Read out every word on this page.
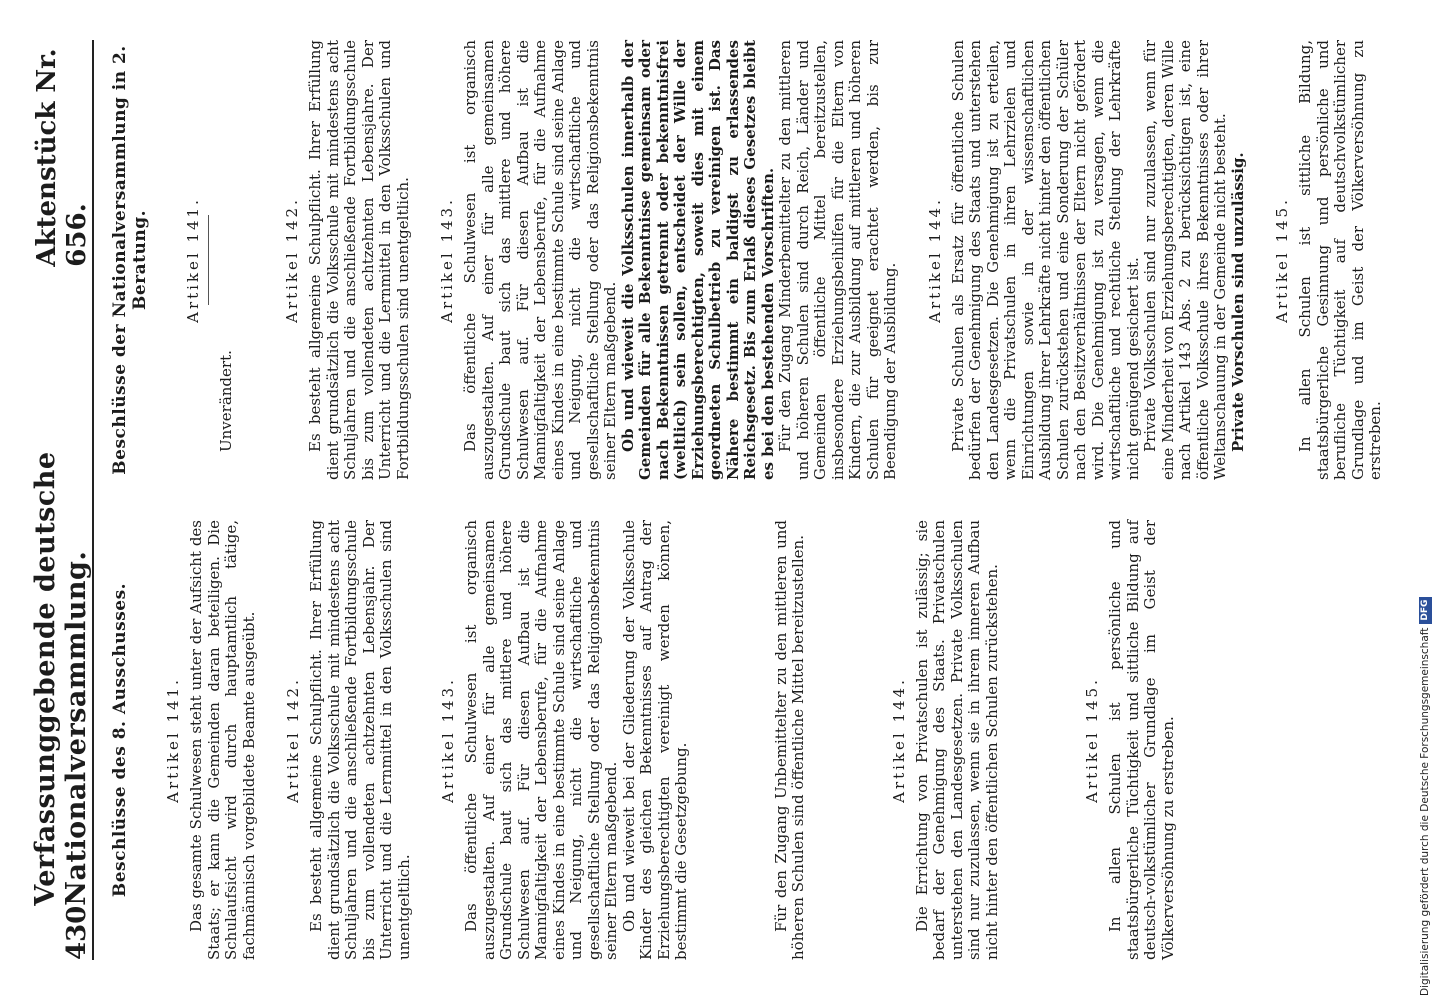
430
Verfassunggebende deutsche Nationalversammlung.
Aktenstück Nr. 656.
Beschlüsse des 8. Ausschusses. Artikel 141. Das gesamte Schulwesen steht unter der Aufsicht des Staats; er kann die Gemeinden daran beteiligen. Die Schulaufsicht wird durch hauptamtlich tätige, fachmännisch vorgebildete Beamte ausgeübt. Artikel 142. Es besteht allgemeine Schulpflicht. Ihrer Erfüllung dient grundsätzlich die Volksschule mit mindestens acht Schuljahren und die anschließende Fortbildungsschule bis zum vollendeten achtzehnten Lebensjahr. Der Unterricht und die Lernmittel in den Volksschulen sind unentgeltlich.

Artikel 143. Das öffentliche Schulwesen ist organisch auszugestalten. Auf einer für alle gemeinsamen Grundschule baut sich das mittlere und höhere Schulwesen auf. Für diesen Aufbau ist die Mannigfaltigkeit der Lebensberufe, für die Aufnahme eines Kindes in eine bestimmte Schule sind seine Anlage und Neigung, nicht die wirtschaftliche und gesellschaftliche Stellung oder das Religionsbekenntnis seiner Eltern maßgebend. Ob und wieweit bei der Gliederung der Volksschule Kinder des gleichen Bekenntnisses auf Antrag der Erziehungsberechtigten vereinigt werden können, bestimmt die Gesetzgebung.	Für den Zugang Unbemittelter zu den mittleren und höheren Schulen sind öffentliche Mittel bereitzustellen.	Artikel 144. Die Errichtung von Privatschulen ist zulässig; sie bedarf der Genehmigung des Staats. Privatschulen unterstehen den Landesgesetzen. Private Volksschulen sind nur zuzulassen, wenn sie in ihrem inneren Aufbau nicht hinter den öffentlichen Schulen zurückstehen.	Artikel 145. In allen Schulen ist persönliche und staatsbürgerliche Tüchtigkeit und sittliche Bildung auf deutsch-volkstümlicher Grundlage im Geist der Völkerversöhnung zu erstreben.

Beschlüsse der Nationalversammlung in 2. Beratung. Artikel 141.

Unverändert.

Artikel 142. Es besteht allgemeine Schulpflicht. Ihrer Erfüllung dient grundsätzlich die Volksschule mit mindestens acht Schuljahren und die anschließende Fortbildungsschule bis zum vollendeten achtzehnten Lebensjahre. Der Unterricht und die Lernmittel in den Volksschulen und Fortbildungsschulen sind unentgeltlich. Artikel 143. Das öffentliche Schulwesen ist organisch auszugestalten. Auf einer für alle gemeinsamen Grundschule baut sich das mittlere und höhere Schulwesen auf. Für diesen Aufbau ist die Mannigfaltigkeit der Lebensberufe, für die Aufnahme eines Kindes in eine bestimmte Schule sind seine Anlage und Neigung, nicht die wirtschaftliche und gesellschaftliche Stellung oder das Religionsbekenntnis seiner Eltern maßgebend. Ob und wieweit die Volksschulen innerhalb der Gemeinden für alle Bekenntnisse gemeinsam oder nach Bekenntnissen getrennt oder bekenntnisfrei (weltlich) sein sollen, entscheidet der Wille der Erziehungsberechtigten, soweit dies mit einem geordneten Schulbetrieb zu vereinigen ist. Das Nähere bestimmt ein baldigst zu erlassendes Reichsgesetz. Bis zum Erlaß dieses Gesetzes bleibt es bei den bestehenden Vorschriften. Für den Zugang Minderbemittelter zu den mittleren und höheren Schulen sind durch Reich, Länder und Gemeinden öffentliche Mittel bereitzustellen, insbesondere Erziehungsbeihilfen für die Eltern von Kindern, die zur Ausbildung auf mittleren und höheren Schulen für geeignet erachtet werden, bis zur Beendigung der Ausbildung.

Artikel 144. Private Schulen als Ersatz für öffentliche Schulen bedürfen der Genehmigung des Staats und unterstehen den Landesgesetzen. Die Genehmigung ist zu erteilen, wenn die Privatschulen in ihren Lehrzielen und Einrichtungen sowie in der wissenschaftlichen Ausbildung ihrer Lehrkräfte nicht hinter den öffentlichen Schulen zurückstehen und eine Sonderung der Schüler nach den Besitzverhältnissen der Eltern nicht gefördert wird. Die Genehmigung ist zu versagen, wenn die wirtschaftliche und rechtliche Stellung der Lehrkräfte nicht genügend gesichert ist. Private Volksschulen sind nur zuzulassen, wenn für eine Minderheit von Erziehungsberechtigten, deren Wille nach Artikel 143 Abs. 2 zu berücksichtigen ist, eine öffentliche Volksschule ihres Bekenntnisses oder ihrer Weltanschauung in der Gemeinde nicht besteht. Private Vorschulen sind unzulässig. Artikel 145. In allen Schulen ist sittliche Bildung, staatsbürgerliche Gesinnung und persönliche und berufliche Tüchtigkeit auf deutschvolkstümlicher Grundlage und im Geist der Völkerversöhnung zu erstreben.

Digitalisierung gefördert durch die Deutsche Forschungsgemeinschaft
DFG
